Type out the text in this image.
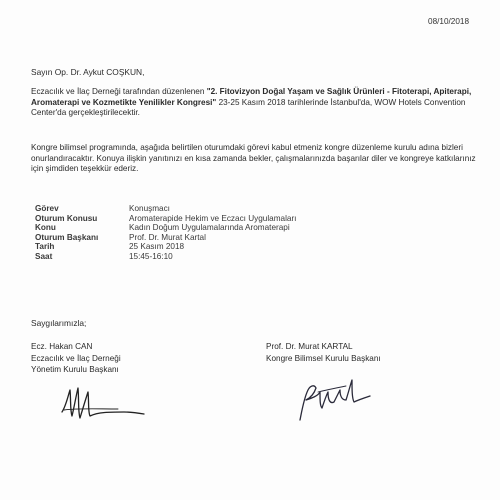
08/10/2018
Sayın Op. Dr. Aykut COŞKUN,
Eczacılık ve İlaç Derneği tarafından düzenlenen "2. Fitovizyon Doğal Yaşam ve Sağlık Ürünleri - Fitoterapi, Apiterapi, Aromaterapi ve Kozmetikte Yenilikler Kongresi" 23-25 Kasım 2018 tarihlerinde İstanbul'da, WOW Hotels Convention Center'da gerçekleştirilecektir.
Kongre bilimsel programında, aşağıda belirtilen oturumdaki görevi kabul etmeniz kongre düzenleme kurulu adına bizleri onurlandıracaktır. Konuya ilişkin yanıtınızı en kısa zamanda bekler, çalışmalarınızda başarılar diler ve kongreye katkılarınız için şimdiden teşekkür ederiz.
Görev	Konuşmacı
Oturum Konusu	Aromaterapide Hekim ve Eczacı Uygulamaları
Konu	Kadın Doğum Uygulamalarında Aromaterapi
Oturum Başkanı	Prof. Dr. Murat Kartal
Tarih	25 Kasım 2018
Saat	15:45-16:10
Saygılarımızla;
Ecz. Hakan CAN
Eczacılık ve İlaç Derneği
Yönetim Kurulu Başkanı
Prof. Dr. Murat KARTAL
Kongre Bilimsel Kurulu Başkanı
